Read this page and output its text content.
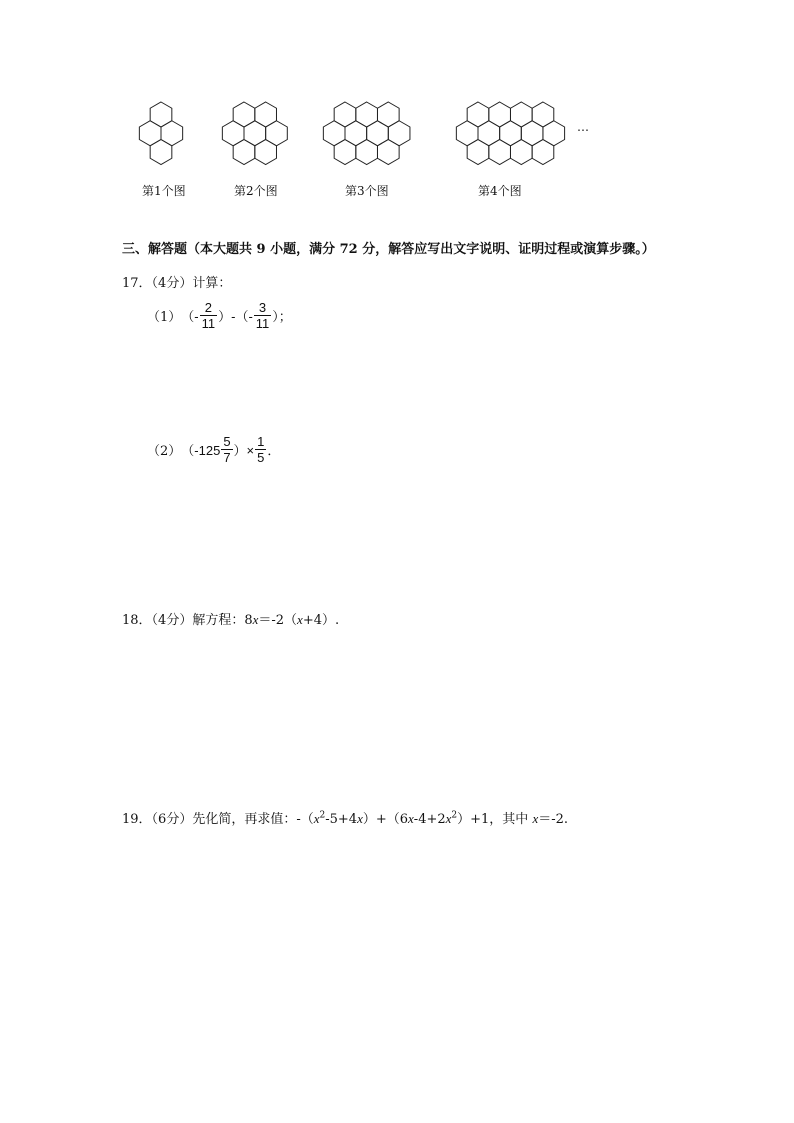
第1个图	第2个图	第3个图	第4个图
…
三、解答题（本大题共 9 小题，满分 72 分，解答应写出文字说明、证明过程或演算步骤。）
17．（4分）计算：
（1） （- $\frac{2}{11}$ ）-（- $\frac{3}{11}$ ）；
（2） （$-125 \frac{5}{7}$ ）× $\frac{1}{5}$ ．
18．（4分）解方程：8x＝-2（x+4）.
19．（6分）先化简，再求值：$-(x^2-5+4x)+(6x-4+2x^2)+1$，其中 x＝-2.
